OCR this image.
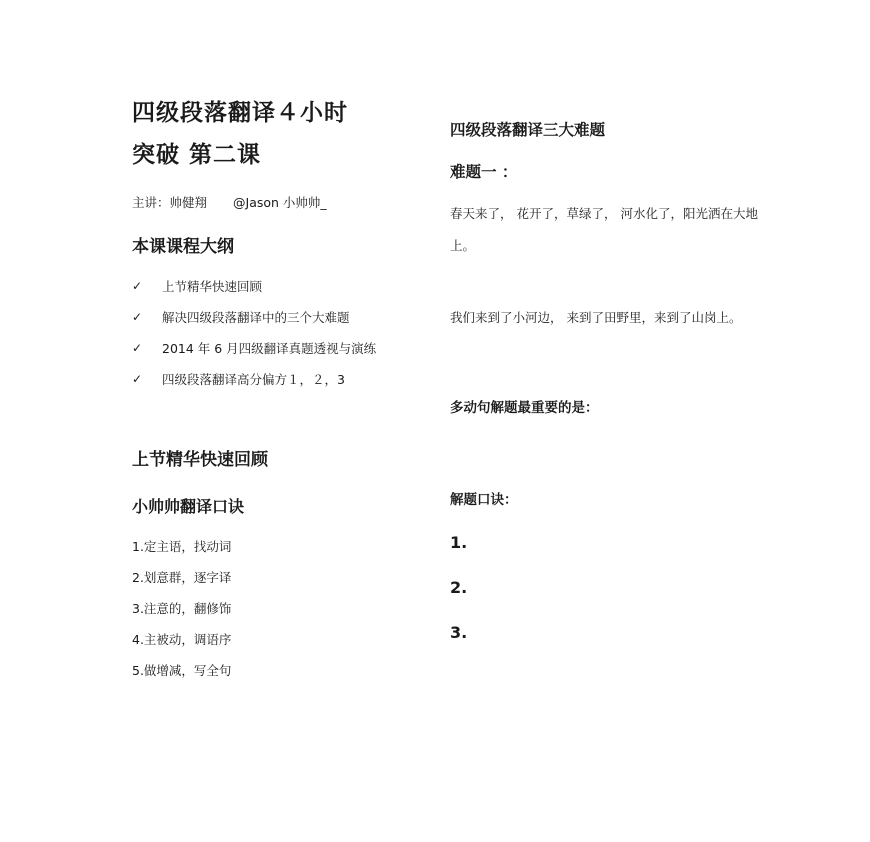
四级段落翻译４小时
突破 第二课
主讲：帅健翔 @Jason 小帅帅_
本课课程大纲
✓ 上节精华快速回顾
✓ 解决四级段落翻译中的三个大难题
✓ 2014 年 6 月四级翻译真题透视与演练
✓ 四级段落翻译高分偏方１，２，3
上节精华快速回顾
小帅帅翻译口诀
1.定主语，找动词
2.划意群，逐字译
3.注意的，翻修饰
4.主被动，调语序
5.做增减，写全句
四级段落翻译三大难题
难题一 ：
春天来了， 花开了，草绿了， 河水化了，阳光洒在大地上。
我们来到了小河边， 来到了田野里，来到了山岗上。
多动句解题最重要的是：
解题口诀：
1.
2.
3.
